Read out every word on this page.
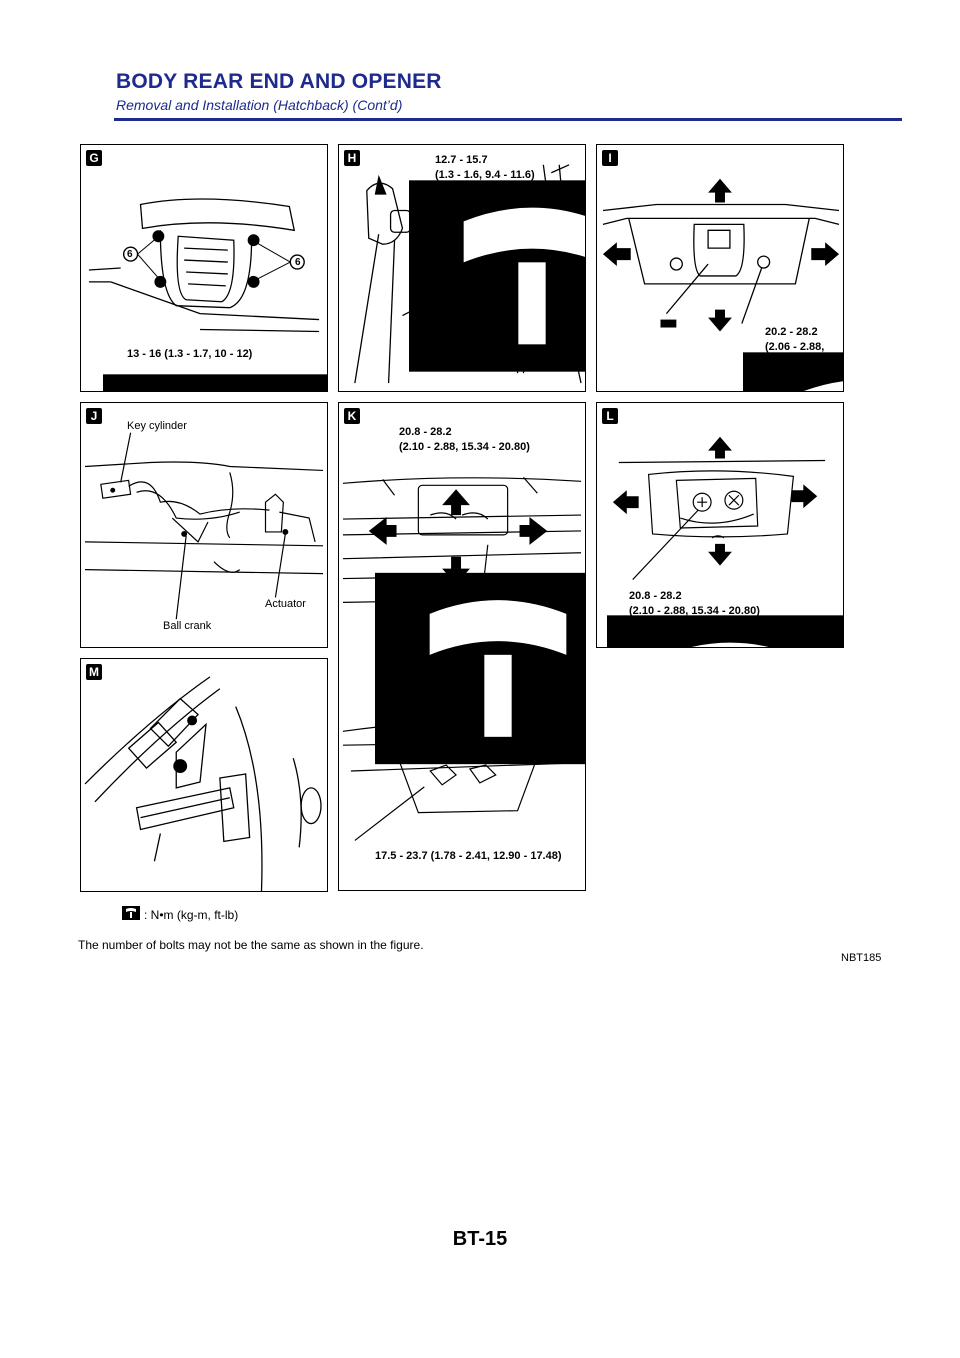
BODY REAR END AND OPENER
Removal and Installation (Hatchback) (Cont’d)
G
6
6
13 - 16 (1.3 - 1.7, 10 - 12)
H	12.7 - 15.7
(1.3 - 1.6, 9.4 - 11.6)
I
20.2 - 28.2
(2.06 - 2.88,
14.89 - 20.80)
J
Key cylinder
Actuator
Ball crank
K
20.8 - 28.2
(2.10 - 2.88, 15.34 - 20.80)
17.5 - 23.7 (1.78 - 2.41, 12.90 - 17.48)
L
20.8 - 28.2
(2.10 - 2.88, 15.34 - 20.80)
M
: N•m (kg-m, ft-lb)
The number of bolts may not be the same as shown in the figure.
NBT185
BT-15
